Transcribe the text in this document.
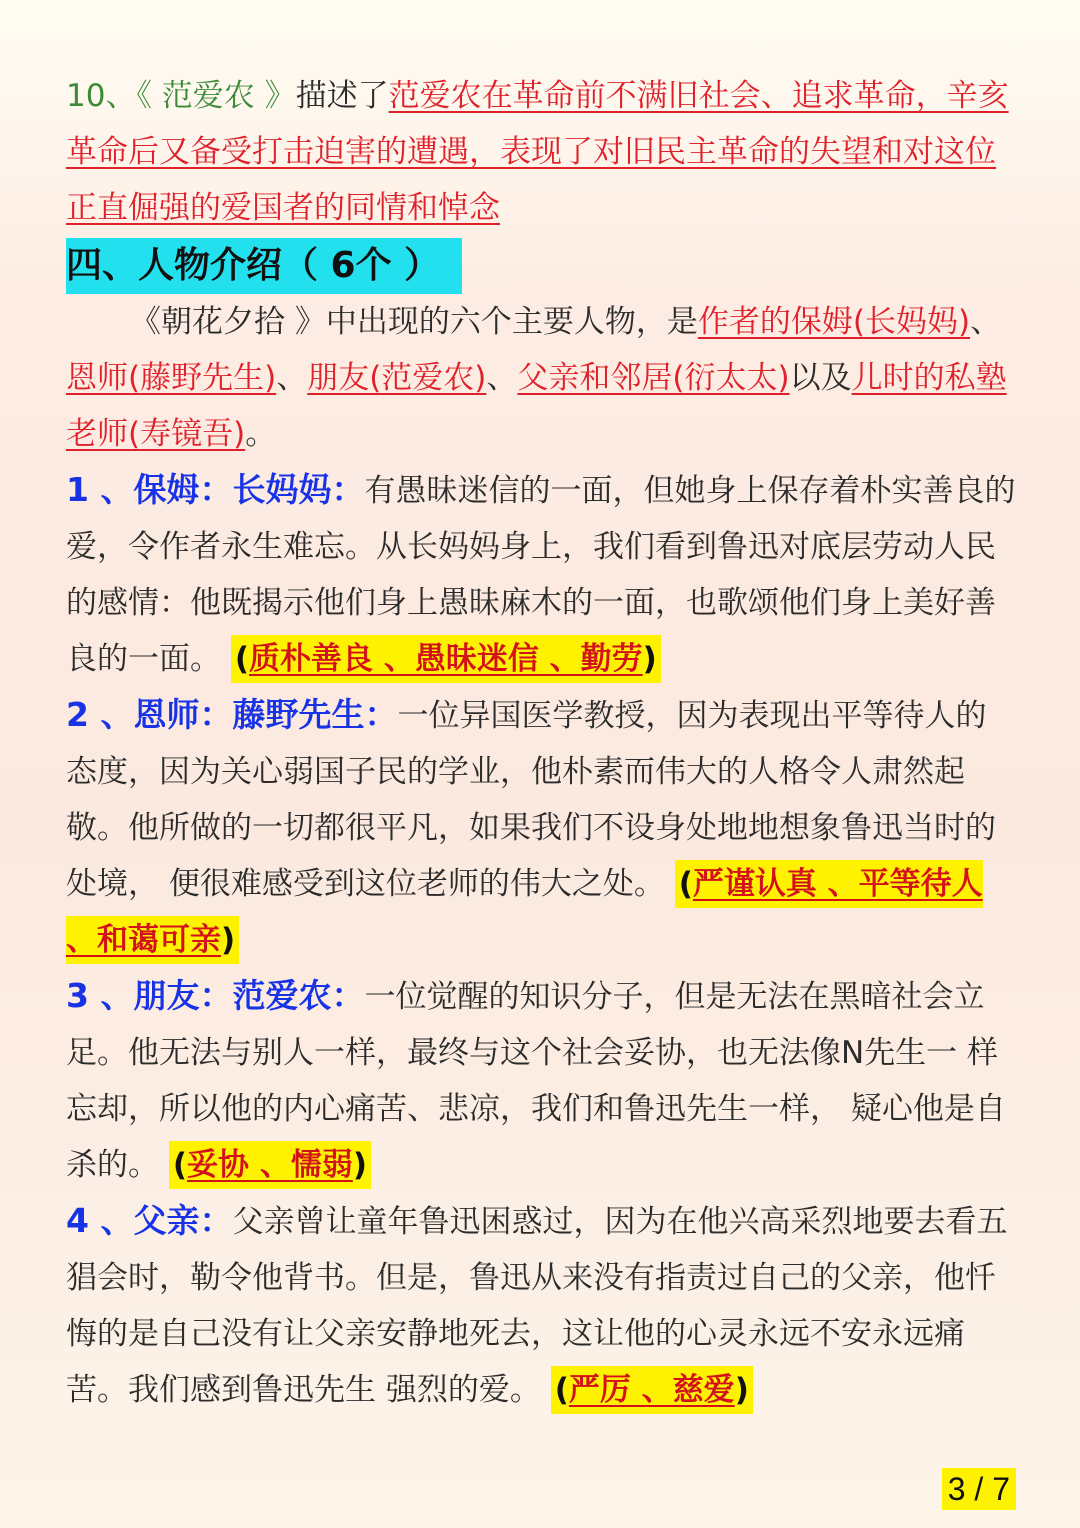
10、《 范爱农 》描述了范爱农在革命前不满旧社会、追求革命，辛亥革命后又备受打击迫害的遭遇，表现了对旧民主革命的失望和对这位正直倔强的爱国者的同情和悼念

四、人物介绍（ 6个 ）

《朝花夕拾 》中出现的六个主要人物，是作者的保姆(长妈妈)、恩师(藤野先生)、朋友(范爱农)、父亲和邻居(衍太太)以及儿时的私塾老师(寿镜吾)。

1 、保姆：长妈妈：有愚昧迷信的一面，但她身上保存着朴实善良的爱，令作者永生难忘。从长妈妈身上，我们看到鲁迅对底层劳动人民的感情：他既揭示他们身上愚昧麻木的一面，也歌颂他们身上美好善良的一面。 (质朴善良 、愚昧迷信 、勤劳)

2 、恩师：藤野先生：一位异国医学教授，因为表现出平等待人的态度，因为关心弱国子民的学业，他朴素而伟大的人格令人肃然起敬。他所做的一切都很平凡，如果我们不设身处地地想象鲁迅当时的处境， 便很难感受到这位老师的伟大之处。 (严谨认真 、平等待人 、和蔼可亲)

3 、朋友：范爱农：一位觉醒的知识分子，但是无法在黑暗社会立足。他无法与别人一样，最终与这个社会妥协，也无法像N先生一 样忘却，所以他的内心痛苦、悲凉，我们和鲁迅先生一样， 疑心他是自杀的。 (妥协 、懦弱)

4 、父亲：父亲曾让童年鲁迅困惑过，因为在他兴高采烈地要去看五猖会时，勒令他背书。但是，鲁迅从来没有指责过自己的父亲，他忏悔的是自己没有让父亲安静地死去，这让他的心灵永远不安永远痛苦。我们感到鲁迅先生 强烈的爱。 (严厉 、慈爱)

3 / 7
